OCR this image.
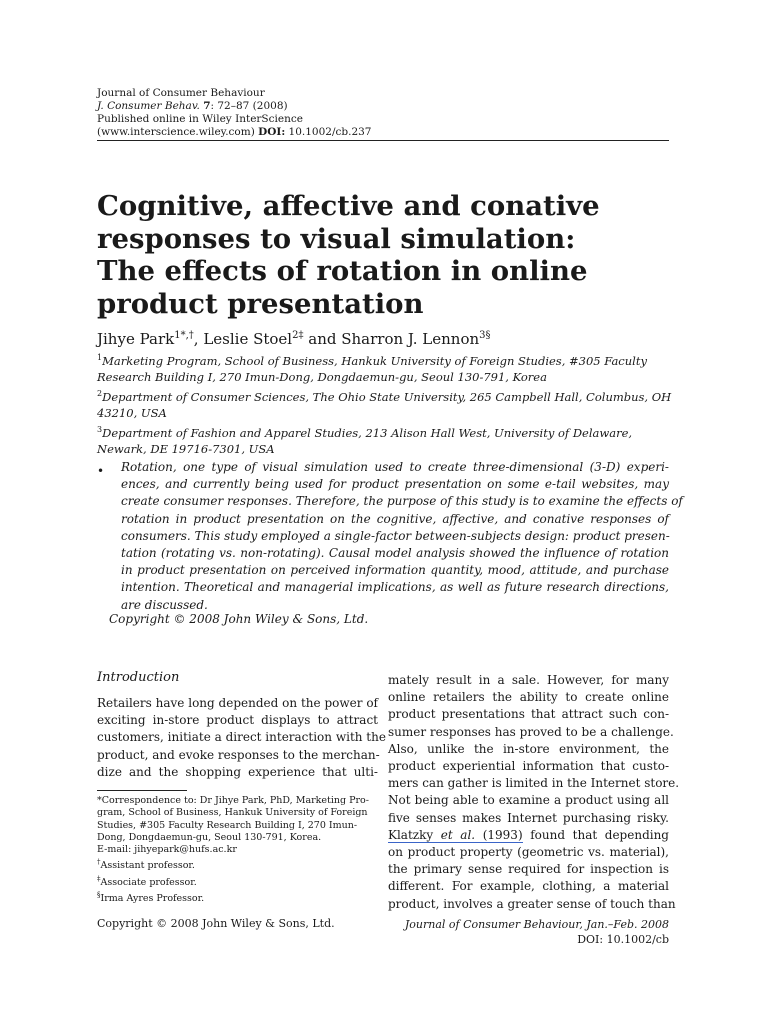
Journal of Consumer Behaviour
J. Consumer Behav. 7: 72–87 (2008)
Published online in Wiley InterScience
(www.interscience.wiley.com) DOI: 10.1002/cb.237
Cognitive, affective and conative
responses to visual simulation:
The effects of rotation in online
product presentation
Jihye Park$^{1*,\dagger}$, Leslie Stoel$^{2\ddagger}$ and Sharron J. Lennon$^{3\S}$
$^1$Marketing Program, School of Business, Hankuk University of Foreign Studies, #305 Faculty
Research Building I, 270 Imun-Dong, Dongdaemun-gu, Seoul 130-791, Korea
$^2$Department of Consumer Sciences, The Ohio State University, 265 Campbell Hall, Columbus, OH
43210, USA
$^3$Department of Fashion and Apparel Studies, 213 Alison Hall West, University of Delaware,
Newark, DE 19716-7301, USA
• Rotation, one type of visual simulation used to create three-dimensional (3-D) experi-
ences, and currently being used for product presentation on some e-tail websites, may
create consumer responses. Therefore, the purpose of this study is to examine the effects of
rotation in product presentation on the cognitive, affective, and conative responses of
consumers. This study employed a single-factor between-subjects design: product presen-
tation (rotating vs. non-rotating). Causal model analysis showed the influence of rotation
in product presentation on perceived information quantity, mood, attitude, and purchase
intention. Theoretical and managerial implications, as well as future research directions,
are discussed.
Copyright © 2008 John Wiley & Sons, Ltd.
Introduction
Retailers have long depended on the power of
exciting in-store product displays to attract
customers, initiate a direct interaction with the
product, and evoke responses to the merchan-
dize and the shopping experience that ulti-
*Correspondence to: Dr Jihye Park, PhD, Marketing Pro-
gram, School of Business, Hankuk University of Foreign
Studies, #305 Faculty Research Building I, 270 Imun-
Dong, Dongdaemun-gu, Seoul 130-791, Korea.
E-mail: jihyepark@hufs.ac.kr
†Assistant professor.
‡Associate professor.
§Irma Ayres Professor.
mately result in a sale. However, for many
online retailers the ability to create online
product presentations that attract such con-
sumer responses has proved to be a challenge.
Also, unlike the in-store environment, the
product experiential information that custo-
mers can gather is limited in the Internet store.
Not being able to examine a product using all
five senses makes Internet purchasing risky.
Klatzky et al. (1993) found that depending
on product property (geometric vs. material),
the primary sense required for inspection is
different. For example, clothing, a material
product, involves a greater sense of touch than
Copyright © 2008 John Wiley & Sons, Ltd.	Journal of Consumer Behaviour, Jan.–Feb. 2008
DOI: 10.1002/cb
